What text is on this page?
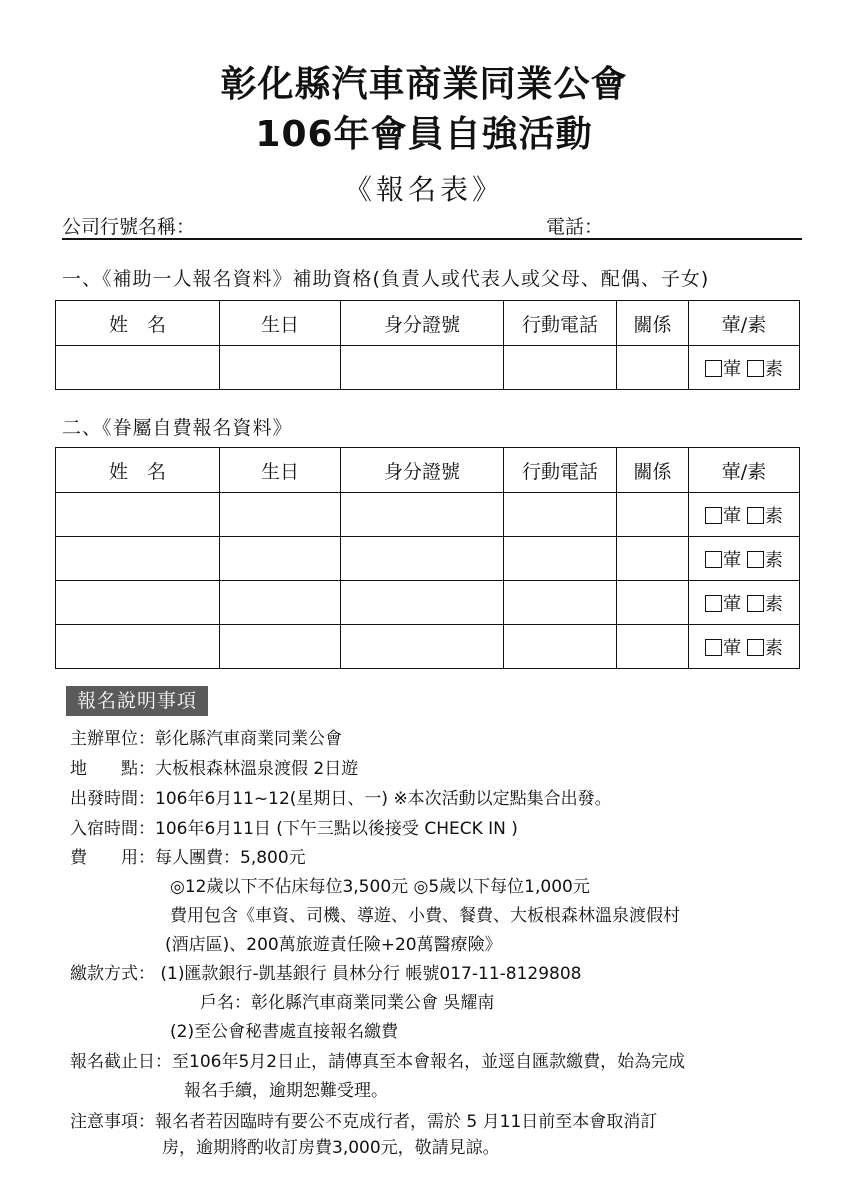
彰化縣汽車商業同業公會
106年會員自強活動
《報名表》
公司行號名稱：	電話：
一、《補助一人報名資料》補助資格(負責人或代表人或父母、配偶、子女)
姓　名	生日	身分證號	行動電話	關係	葷/素
					葷 素
二、《眷屬自費報名資料》
姓　名	生日	身分證號	行動電話	關係	葷/素
					葷 素
					葷 素
					葷 素
					葷 素
報名說明事項
主辦單位：彰化縣汽車商業同業公會
地　　點：大板根森林溫泉渡假 2日遊
出發時間：106年6月11~12(星期日、一) ※本次活動以定點集合出發。
入宿時間：106年6月11日 (下午三點以後接受 CHECK IN )
費　　用：每人團費：5,800元
◎12歲以下不佔床每位3,500元 ◎5歲以下每位1,000元
費用包含《車資、司機、導遊、小費、餐費、大板根森林溫泉渡假村
(酒店區)、200萬旅遊責任險+20萬醫療險》
繳款方式： (1)匯款銀行-凱基銀行 員林分行 帳號017-11-8129808
戶名：彰化縣汽車商業同業公會 吳耀南
(2)至公會秘書處直接報名繳費
報名截止日：至106年5月2日止，請傳真至本會報名，並逕自匯款繳費，始為完成
報名手續，逾期恕難受理。
注意事項：報名者若因臨時有要公不克成行者，需於 5 月11日前至本會取消訂
房，逾期將酌收訂房費3,000元，敬請見諒。
